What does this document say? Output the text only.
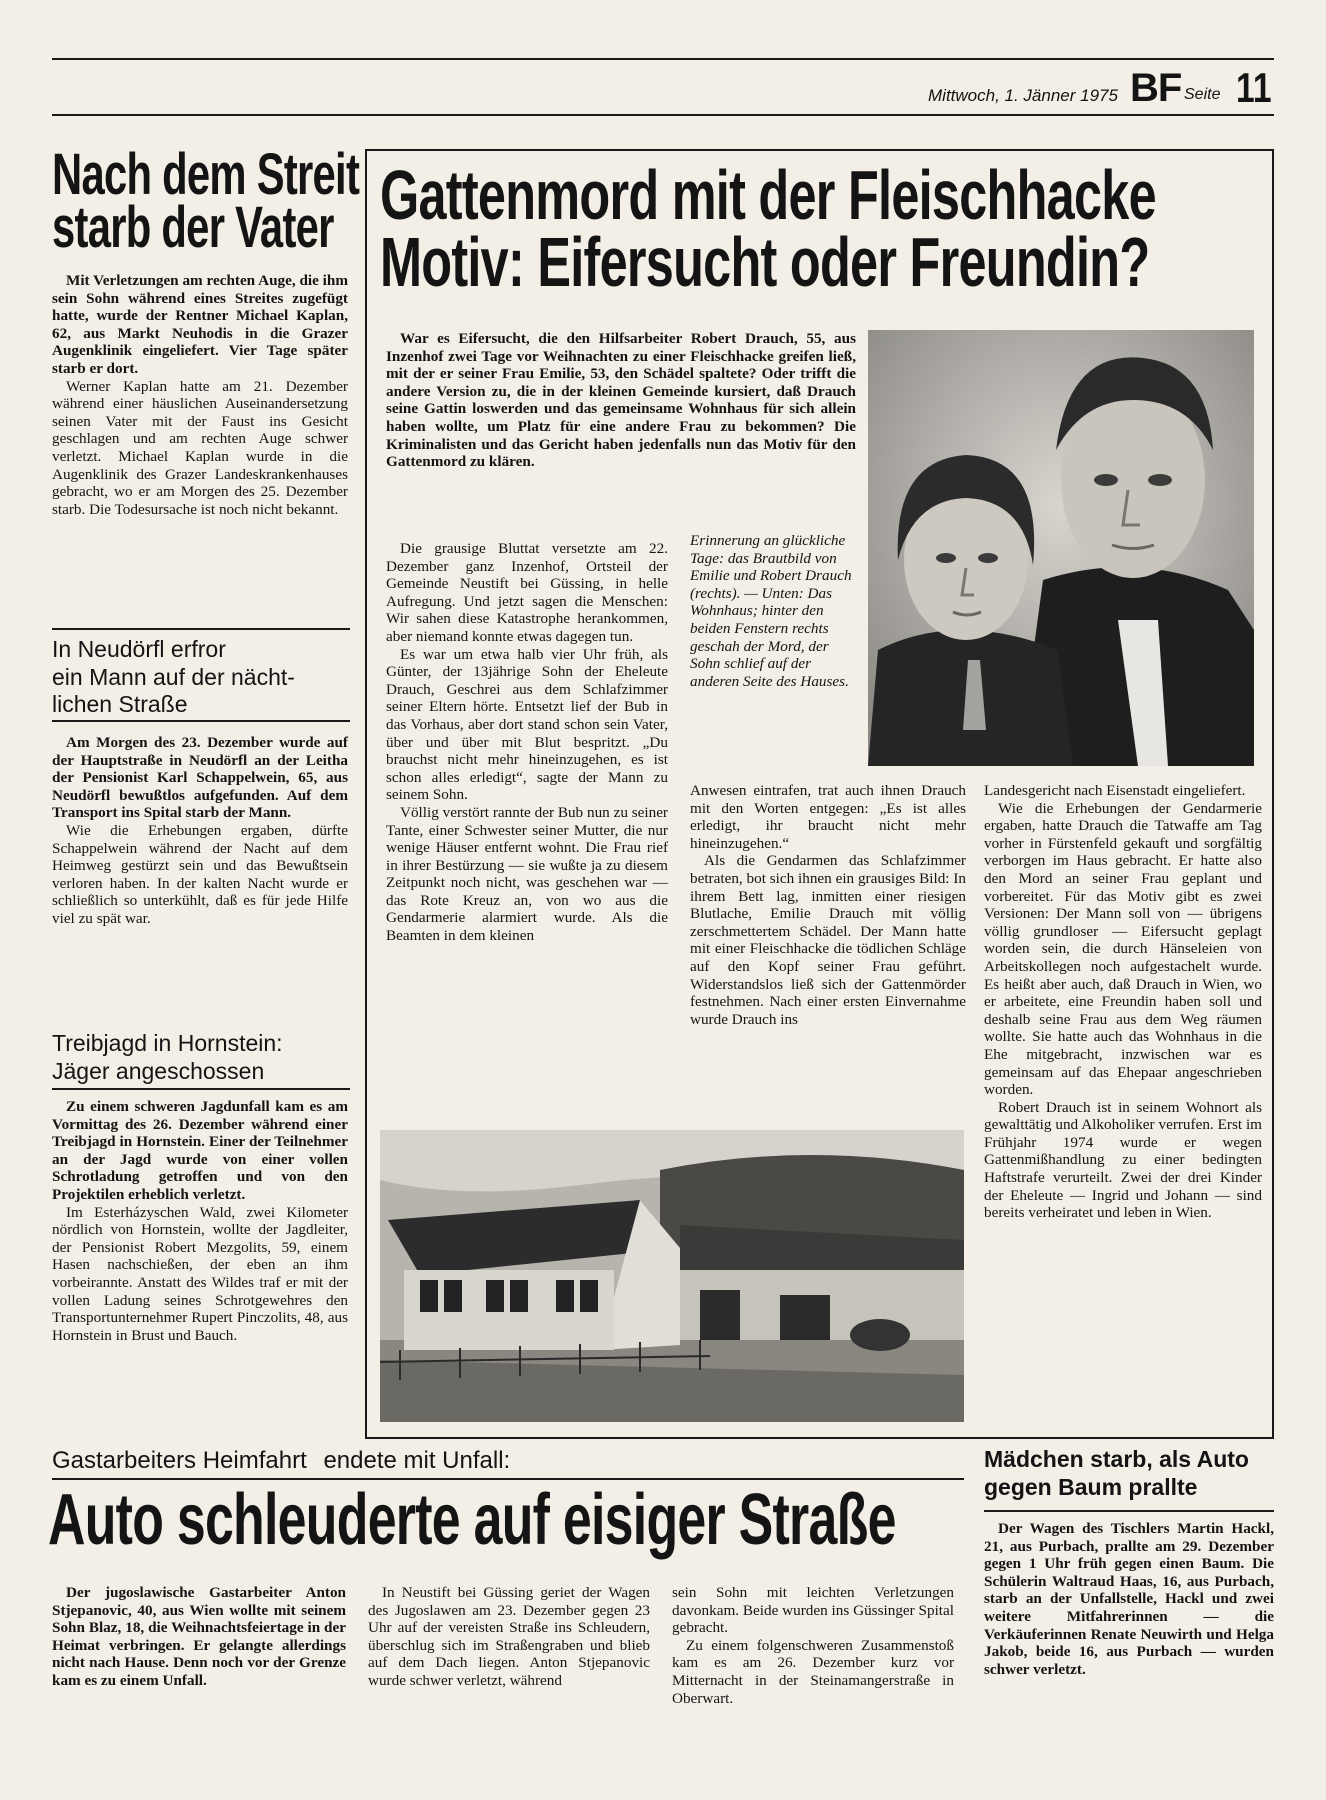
Mittwoch, 1. Jänner 1975 BF Seite 11
Nach dem Streit
starb der Vater

Mit Verletzungen am rechten Auge, die ihm sein Sohn während eines Streites zugefügt hatte, wurde der Rentner Michael Kaplan, 62, aus Markt Neuhodis in die Grazer Augenklinik eingeliefert. Vier Tage später starb er dort.

Werner Kaplan hatte am 21. Dezember während einer häuslichen Auseinandersetzung seinen Vater mit der Faust ins Gesicht geschlagen und am rechten Auge schwer verletzt. Michael Kaplan wurde in die Augenklinik des Grazer Landeskrankenhauses gebracht, wo er am Morgen des 25. Dezember starb. Die Todesursache ist noch nicht bekannt.

In Neudörfl erfror
ein Mann auf der nächt-
lichen Straße

Am Morgen des 23. Dezember wurde auf der Hauptstraße in Neudörfl an der Leitha der Pensionist Karl Schappelwein, 65, aus Neudörfl bewußtlos aufgefunden. Auf dem Transport ins Spital starb der Mann.

Wie die Erhebungen ergaben, dürfte Schappelwein während der Nacht auf dem Heimweg gestürzt sein und das Bewußtsein verloren haben. In der kalten Nacht wurde er schließlich so unterkühlt, daß es für jede Hilfe viel zu spät war.

Treibjagd in Hornstein:
Jäger angeschossen

Zu einem schweren Jagdunfall kam es am Vormittag des 26. Dezember während einer Treibjagd in Hornstein. Einer der Teilnehmer an der Jagd wurde von einer vollen Schrotladung getroffen und von den Projektilen erheblich verletzt.

Im Esterházyschen Wald, zwei Kilometer nördlich von Hornstein, wollte der Jagdleiter, der Pensionist Robert Mezgolits, 59, einem Hasen nachschießen, der eben an ihm vorbeirannte. Anstatt des Wildes traf er mit der vollen Ladung seines Schrotgewehres den Transportunternehmer Rupert Pinczolits, 48, aus Hornstein in Brust und Bauch.

Gattenmord mit der Fleischhacke
Motiv: Eifersucht oder Freundin?

War es Eifersucht, die den Hilfsarbeiter Robert Drauch, 55, aus Inzenhof zwei Tage vor Weihnachten zu einer Fleischhacke greifen ließ, mit der er seiner Frau Emilie, 53, den Schädel spaltete? Oder trifft die andere Version zu, die in der kleinen Gemeinde kursiert, daß Drauch seine Gattin loswerden und das gemeinsame Wohnhaus für sich allein haben wollte, um Platz für eine andere Frau zu bekommen? Die Kriminalisten und das Gericht haben jedenfalls nun das Motiv für den Gattenmord zu klären.

Die grausige Bluttat versetzte am 22. Dezember ganz Inzenhof, Ortsteil der Gemeinde Neustift bei Güssing, in helle Aufregung. Und jetzt sagen die Menschen: Wir sahen diese Katastrophe herankommen, aber niemand konnte etwas dagegen tun.

Es war um etwa halb vier Uhr früh, als Günter, der 13jährige Sohn der Eheleute Drauch, Geschrei aus dem Schlafzimmer seiner Eltern hörte. Entsetzt lief der Bub in das Vorhaus, aber dort stand schon sein Vater, über und über mit Blut bespritzt. „Du brauchst nicht mehr hineinzugehen, es ist schon alles erledigt“, sagte der Mann zu seinem Sohn.

Völlig verstört rannte der Bub nun zu seiner Tante, einer Schwester seiner Mutter, die nur wenige Häuser entfernt wohnt. Die Frau rief in ihrer Bestürzung — sie wußte ja zu diesem Zeitpunkt noch nicht, was geschehen war — das Rote Kreuz an, von wo aus die Gendarmerie alarmiert wurde. Als die Beamten in dem kleinen

Erinnerung an glückliche Tage: das Brautbild von Emilie und Robert Drauch (rechts). — Unten: Das Wohnhaus; hinter den beiden Fenstern rechts geschah der Mord, der Sohn schlief auf der anderen Seite des Hauses.

Anwesen eintrafen, trat auch ihnen Drauch mit den Worten entgegen: „Es ist alles erledigt, ihr braucht nicht mehr hineinzugehen.“

Als die Gendarmen das Schlafzimmer betraten, bot sich ihnen ein grausiges Bild: In ihrem Bett lag, inmitten einer riesigen Blutlache, Emilie Drauch mit völlig zerschmettertem Schädel. Der Mann hatte mit einer Fleischhacke die tödlichen Schläge auf den Kopf seiner Frau geführt. Widerstandslos ließ sich der Gattenmörder festnehmen. Nach einer ersten Einvernahme wurde Drauch ins

Landesgericht nach Eisenstadt eingeliefert.

Wie die Erhebungen der Gendarmerie ergaben, hatte Drauch die Tatwaffe am Tag vorher in Fürstenfeld gekauft und sorgfältig verborgen im Haus gebracht. Er hatte also den Mord an seiner Frau geplant und vorbereitet. Für das Motiv gibt es zwei Versionen: Der Mann soll von — übrigens völlig grundloser — Eifersucht geplagt worden sein, die durch Hänseleien von Arbeitskollegen noch aufgestachelt wurde. Es heißt aber auch, daß Drauch in Wien, wo er arbeitete, eine Freundin haben soll und deshalb seine Frau aus dem Weg räumen wollte. Sie hatte auch das Wohnhaus in die Ehe mitgebracht, inzwischen war es gemeinsam auf das Ehepaar angeschrieben worden.

Robert Drauch ist in seinem Wohnort als gewalttätig und Alkoholiker verrufen. Erst im Frühjahr 1974 wurde er wegen Gattenmißhandlung zu einer bedingten Haftstrafe verurteilt. Zwei der drei Kinder der Eheleute — Ingrid und Johann — sind bereits verheiratet und leben in Wien.

Gastarbeiters Heimfahrt endete mit Unfall:
Auto schleuderte auf eisiger Straße

Der jugoslawische Gastarbeiter Anton Stjepanovic, 40, aus Wien wollte mit seinem Sohn Blaz, 18, die Weihnachtsfeiertage in der Heimat verbringen. Er gelangte allerdings nicht nach Hause. Denn noch vor der Grenze kam es zu einem Unfall.

In Neustift bei Güssing geriet der Wagen des Jugoslawen am 23. Dezember gegen 23 Uhr auf der vereisten Straße ins Schleudern, überschlug sich im Straßengraben und blieb auf dem Dach liegen. Anton Stjepanovic wurde schwer verletzt, während

sein Sohn mit leichten Verletzungen davonkam. Beide wurden ins Güssinger Spital gebracht.

Zu einem folgenschweren Zusammenstoß kam es am 26. Dezember kurz vor Mitternacht in der Steinamangerstraße in Oberwart.

Mädchen starb, als Auto
gegen Baum prallte

Der Wagen des Tischlers Martin Hackl, 21, aus Purbach, prallte am 29. Dezember gegen 1 Uhr früh gegen einen Baum. Die Schülerin Waltraud Haas, 16, aus Purbach, starb an der Unfallstelle, Hackl und zwei weitere Mitfahrerinnen — die Verkäuferinnen Renate Neuwirth und Helga Jakob, beide 16, aus Purbach — wurden schwer verletzt.
